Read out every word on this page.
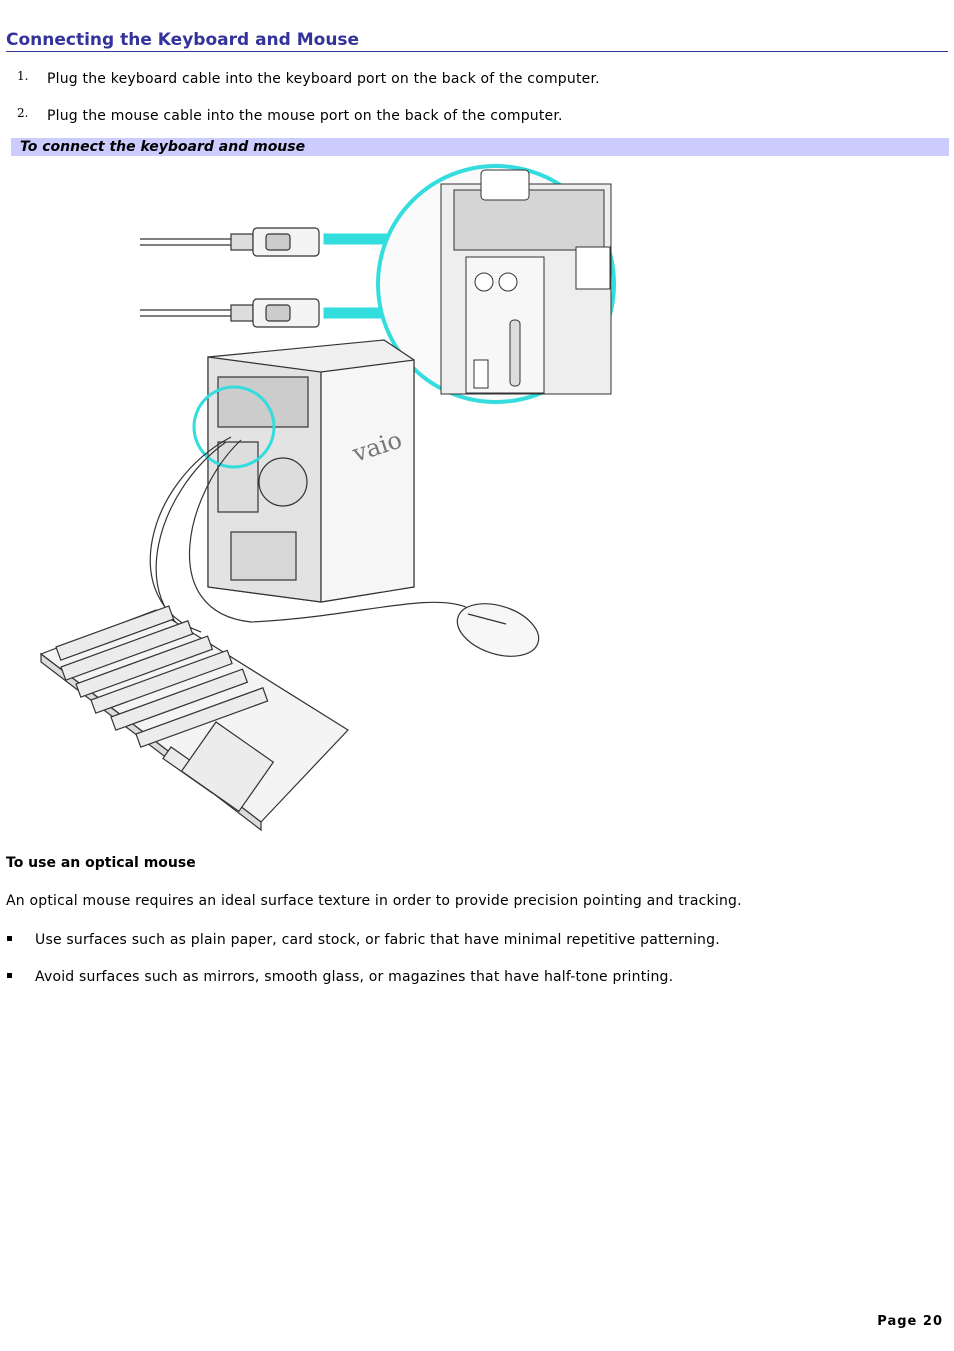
Connecting the Keyboard and Mouse
1. Plug the keyboard cable into the keyboard port on the back of the computer.
2. Plug the mouse cable into the mouse port on the back of the computer.
To connect the keyboard and mouse
vaio
To use an optical mouse
An optical mouse requires an ideal surface texture in order to provide precision pointing and tracking.
Use surfaces such as plain paper, card stock, or fabric that have minimal repetitive patterning.
Avoid surfaces such as mirrors, smooth glass, or magazines that have half-tone printing.
Page 20
